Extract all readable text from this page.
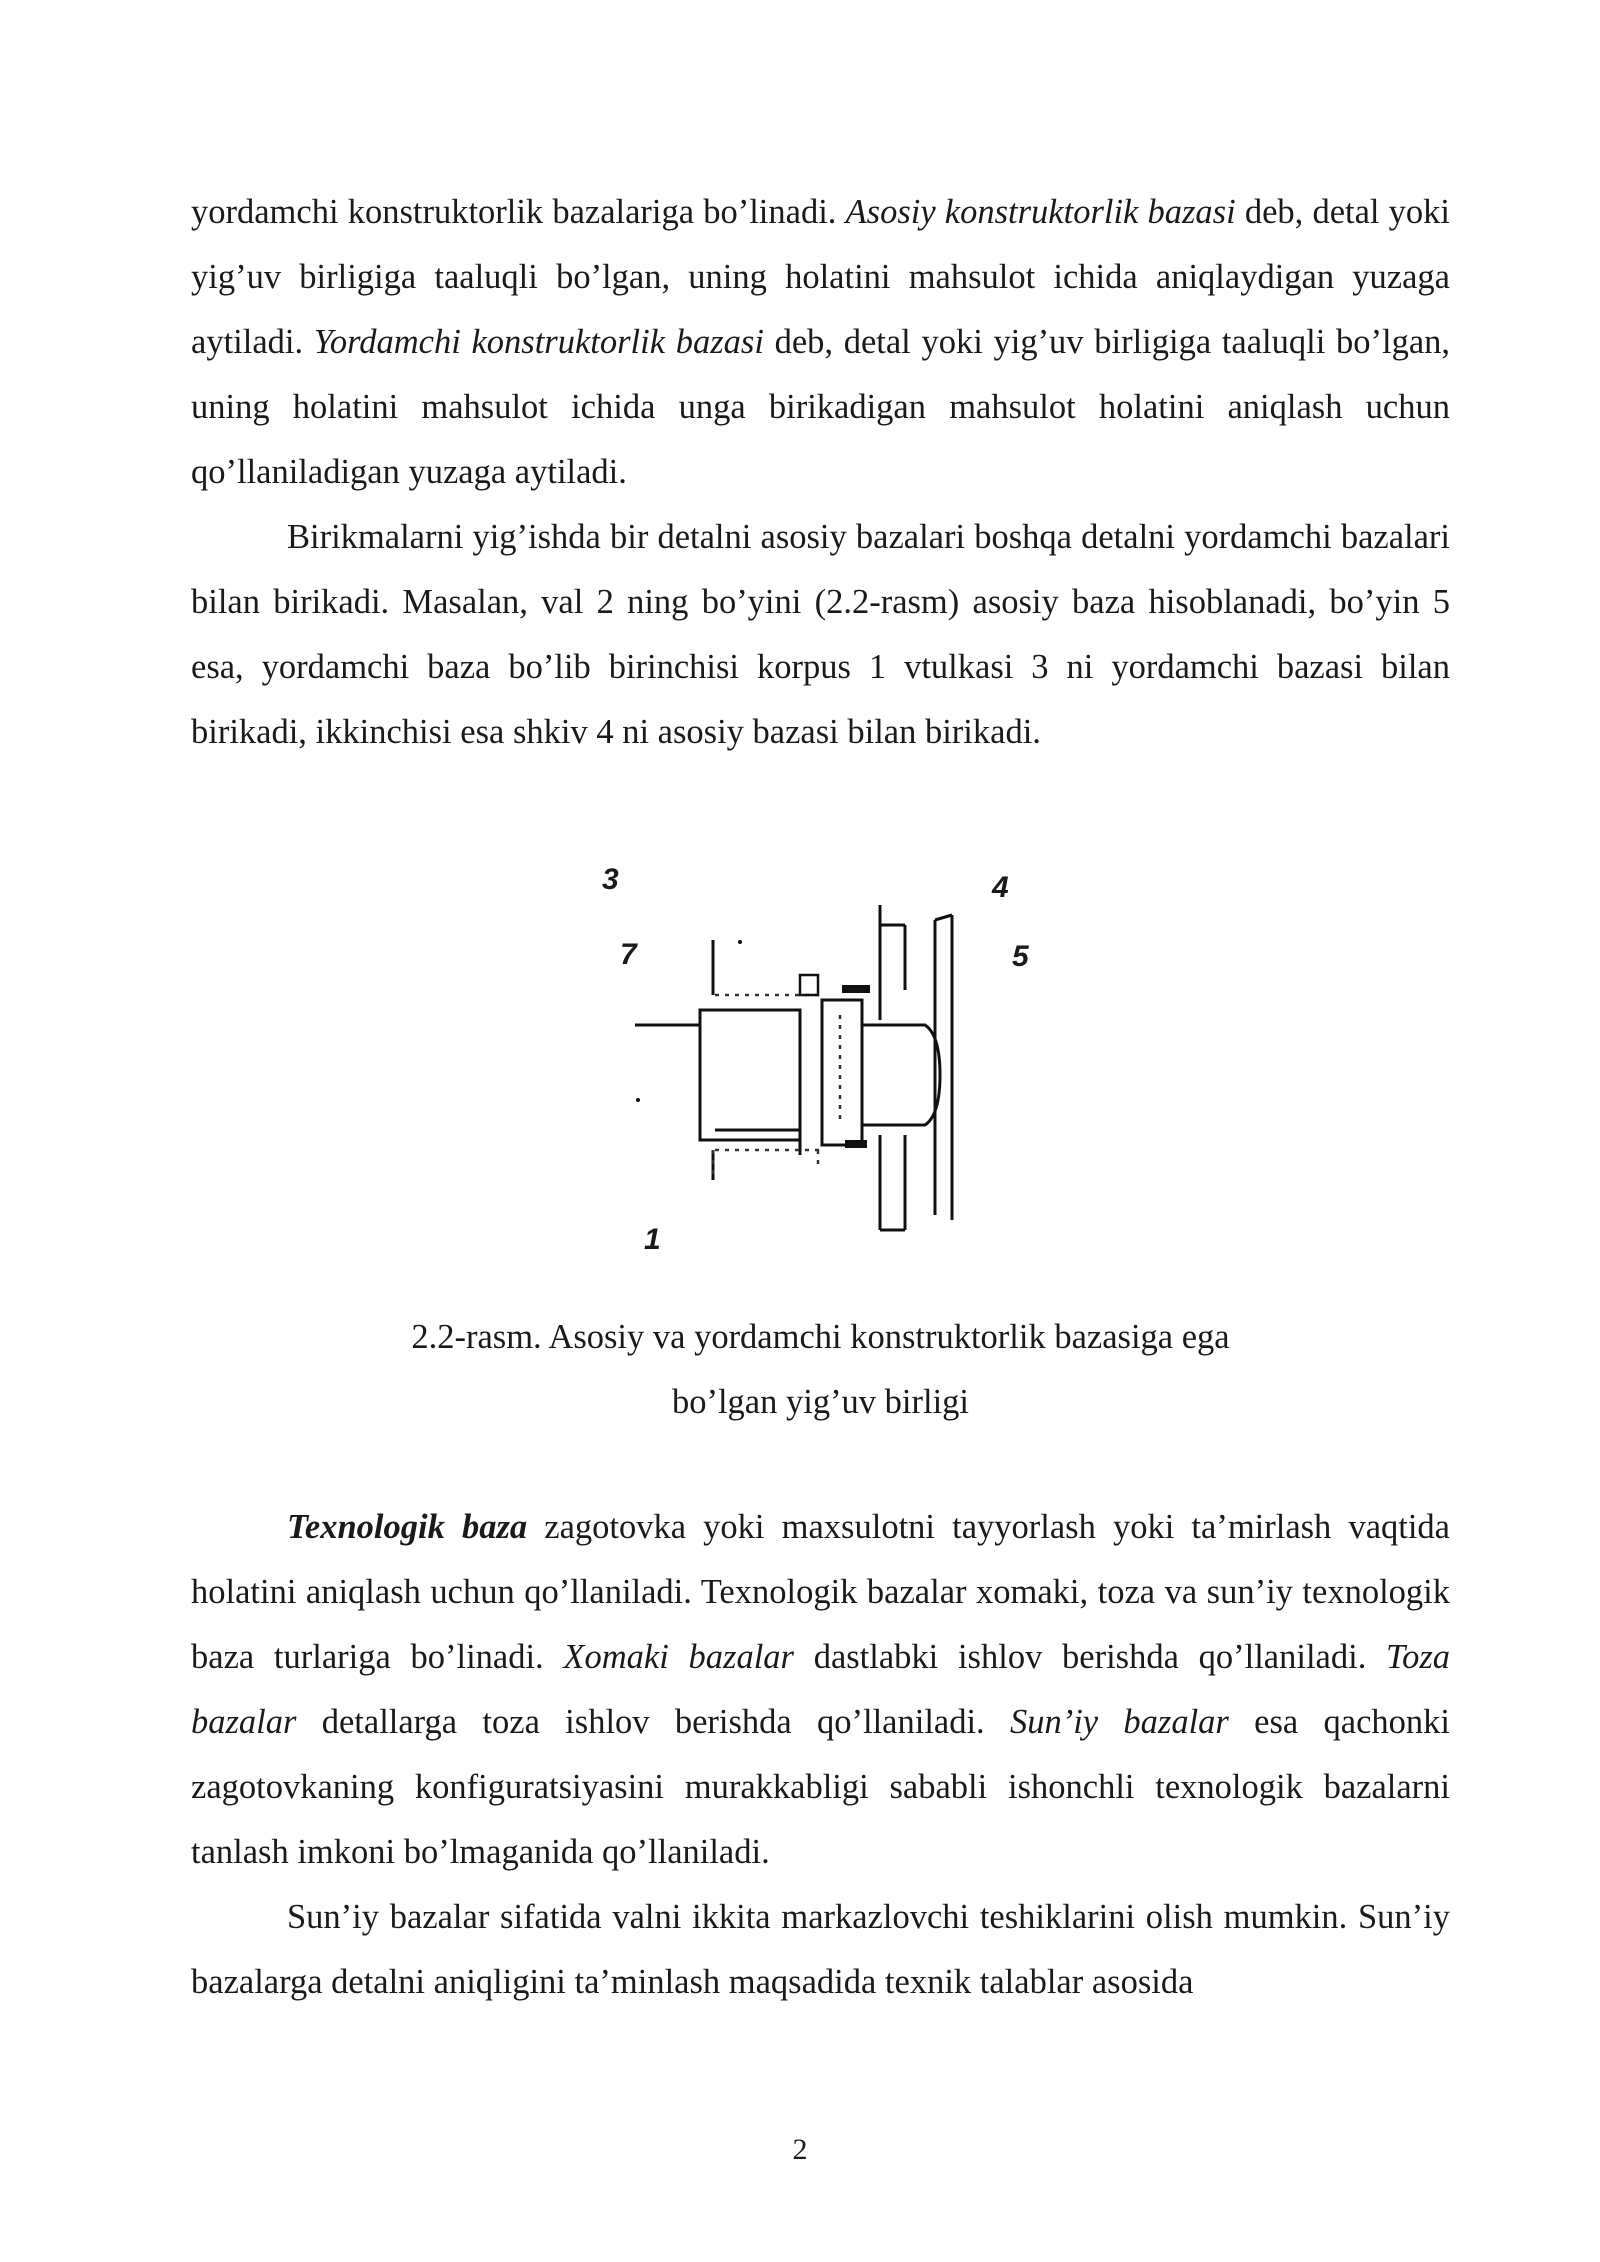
yordamchi konstruktorlik bazalariga bo’linadi. Asosiy konstruktorlik bazasi deb, detal yoki yig’uv birligiga taaluqli bo’lgan, uning holatini mahsulot ichida aniqlaydigan yuzaga aytiladi. Yordamchi konstruktorlik bazasi deb, detal yoki yig’uv birligiga taaluqli bo’lgan, uning holatini mahsulot ichida unga birikadigan mahsulot holatini aniqlash uchun qo’llaniladigan yuzaga aytiladi.

Birikmalarni yig’ishda bir detalni asosiy bazalari boshqa detalni yordamchi bazalari bilan birikadi. Masalan, val 2 ning bo’yini (2.2-rasm) asosiy baza hisoblanadi, bo’yin 5 esa, yordamchi baza bo’lib birinchisi korpus 1 vtulkasi 3 ni yordamchi bazasi bilan birikadi, ikkinchisi esa shkiv 4 ni asosiy bazasi bilan birikadi.

3	4
7	5
1

2.2-rasm. Asosiy va yordamchi konstruktorlik bazasiga ega

bo’lgan yig’uv birligi

Texnologik baza zagotovka yoki maxsulotni tayyorlash yoki ta’mirlash vaqtida holatini aniqlash uchun qo’llaniladi. Texnologik bazalar xomaki, toza va sun’iy texnologik baza turlariga bo’linadi. Xomaki bazalar dastlabki ishlov berishda qo’llaniladi. Toza bazalar detallarga toza ishlov berishda qo’llaniladi. Sun’iy bazalar esa qachonki zagotovkaning konfiguratsiyasini murakkabligi sababli ishonchli texnologik bazalarni tanlash imkoni bo’lmaganida qo’llaniladi.

Sun’iy bazalar sifatida valni ikkita markazlovchi teshiklarini olish mumkin. Sun’iy bazalarga detalni aniqligini ta’minlash maqsadida texnik talablar asosida

2
